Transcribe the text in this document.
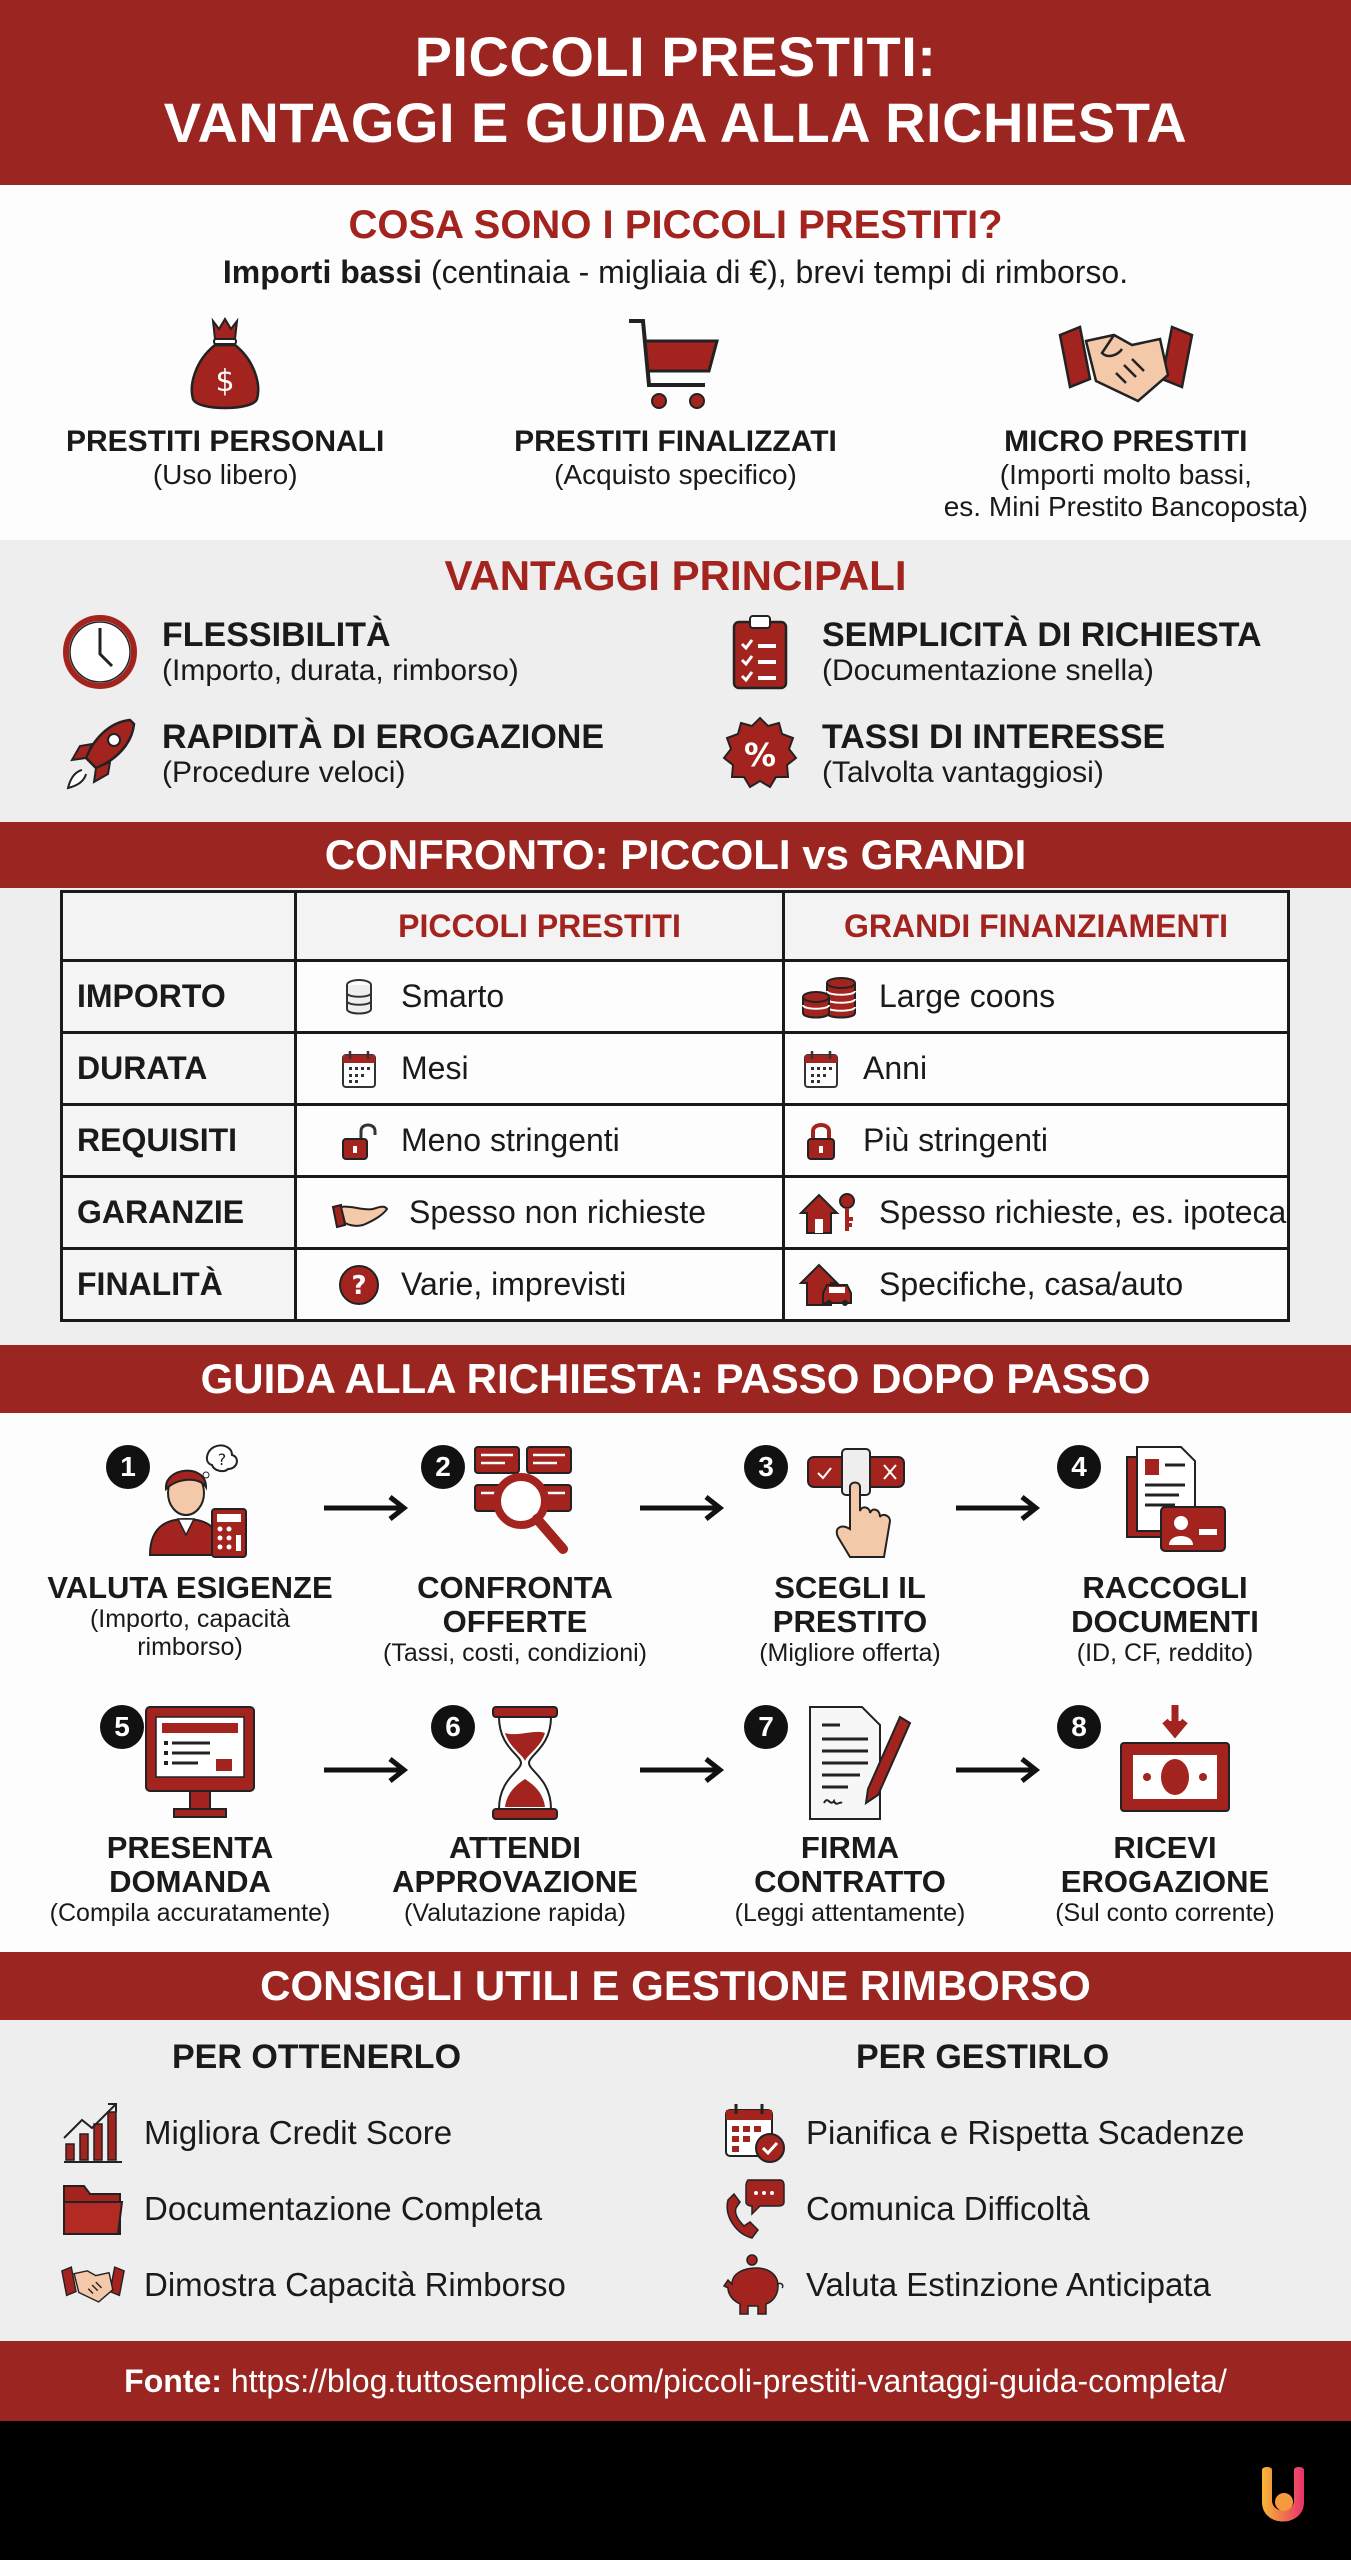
PICCOLI PRESTITI:
VANTAGGI E GUIDA ALLA RICHIESTA
COSA SONO I PICCOLI PRESTITI?
Importi bassi (centinaia - migliaia di €), brevi tempi di rimborso.
$
PRESTITI PERSONALI
(Uso libero)
PRESTITI FINALIZZATI
(Acquisto specifico)
MICRO PRESTITI
(Importi molto bassi,
es. Mini Prestito Bancoposta)
VANTAGGI PRINCIPALI
FLESSIBILITÀ
(Importo, durata, rimborso)
SEMPLICITÀ DI RICHIESTA
(Documentazione snella)
RAPIDITÀ DI EROGAZIONE
(Procedure veloci)	% TASSI DI INTERESSE
(Talvolta vantaggiosi)
CONFRONTO: PICCOLI vs GRANDI
	PICCOLI PRESTITI	GRANDI FINANZIAMENTI
IMPORTO	Smarto	Large coons

DURATA	Mesi	Anni

REQUISITI	Meno stringenti	Più stringenti

GARANZIE	Spesso non richieste	Spesso richieste, es. ipoteca

FINALITÀ	? Varie, imprevisti	Specifiche, casa/auto
GUIDA ALLA RICHIESTA: PASSO DOPO PASSO
1	?
VALUTA ESIGENZE
(Importo, capacità
rimborso)
2
CONFRONTA
OFFERTE
(Tassi, costi, condizioni)
3
SCEGLI IL
PRESTITO
(Migliore offerta)
4
RACCOGLI
DOCUMENTI
(ID, CF, reddito)
5
PRESENTA
DOMANDA
(Compila accuratamente)
6
ATTENDI
APPROVAZIONE
(Valutazione rapida)
7
FIRMA
CONTRATTO
(Leggi attentamente)
8
RICEVI
EROGAZIONE
(Sul conto corrente)
CONSIGLI UTILI E GESTIONE RIMBORSO
PER OTTENERLO
Migliora Credit Score
Documentazione Completa
Dimostra Capacità Rimborso
PER GESTIRLO
Pianifica e Rispetta Scadenze
Comunica Difficoltà
Valuta Estinzione Anticipata
Fonte: https://blog.tuttosemplice.com/piccoli-prestiti-vantaggi-guida-completa/
